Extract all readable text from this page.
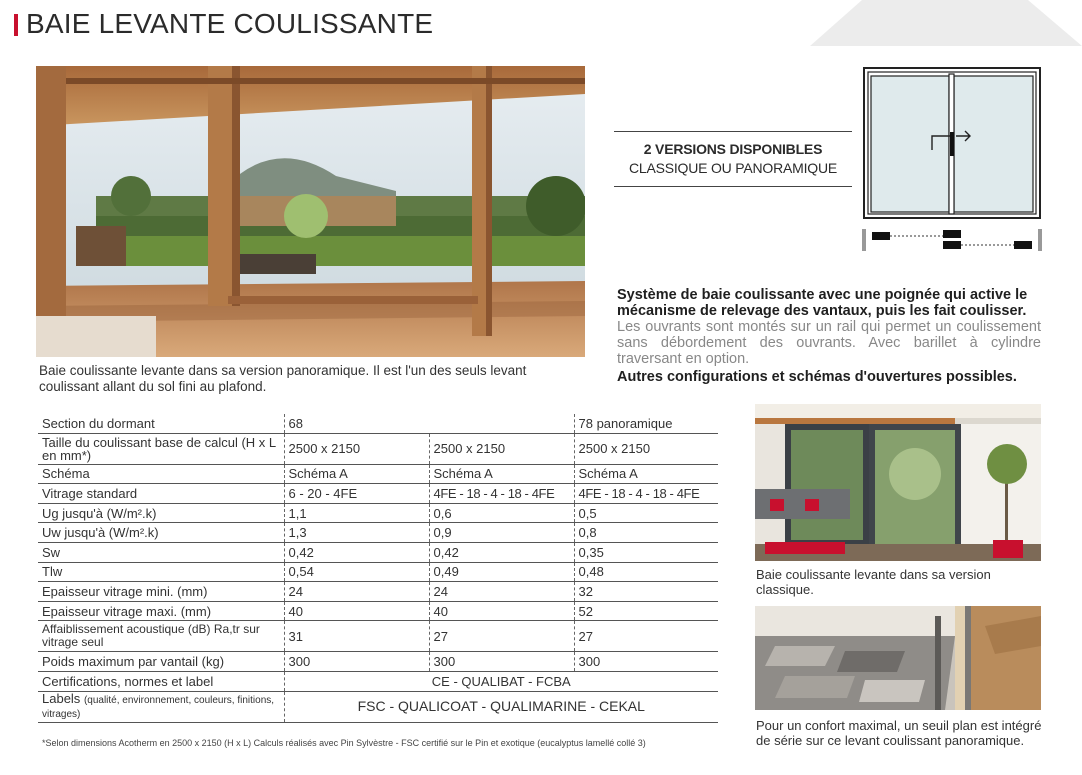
BAIE LEVANTE COULISSANTE
Baie coulissante levante dans sa version panoramique. Il est l'un des seuls levant coulissant allant du sol fini au plafond.
2 VERSIONS DISPONIBLES
CLASSIQUE OU PANORAMIQUE
Système de baie coulissante avec une poignée qui active le mécanisme de relevage des vantaux, puis les fait coulisser.
Les ouvrants sont montés sur un rail qui permet un coulissement sans débordement des ouvrants. Avec barillet à cylindre traversant en option.
Autres configurations et schémas d'ouvertures possibles.
Section du dormant	68		78 panoramique
Taille du coulissant base de calcul (H x L en mm*)	2500 x 2150	2500 x 2150	2500 x 2150
Schéma	Schéma A	Schéma A	Schéma A
Vitrage standard	6 - 20 - 4FE	4FE - 18 - 4 - 18 - 4FE	4FE - 18 - 4 - 18 - 4FE
Ug jusqu'à (W/m².k)	1,1	0,6	0,5
Uw jusqu'à (W/m².k)	1,3	0,9	0,8
Sw	0,42	0,42	0,35
Tlw	0,54	0,49	0,48
Epaisseur vitrage mini. (mm)	24	24	32
Epaisseur vitrage maxi. (mm)	40	40	52
Affaiblissement acoustique (dB) Ra,tr sur vitrage seul	31	27	27
Poids maximum par vantail (kg)	300	300	300
Certifications, normes et label	CE - QUALIBAT - FCBA		
Labels (qualité, environnement, couleurs, finitions, vitrages)	FSC - QUALICOAT - QUALIMARINE - CEKAL		
*Selon dimensions Acotherm en 2500 x 2150 (H x L) Calculs réalisés avec Pin Sylvèstre - FSC certifié sur le Pin et exotique (eucalyptus lamellé collé 3)
Baie coulissante levante dans sa version classique.
Pour un confort maximal, un seuil plan est intégré de série sur ce levant coulissant panoramique.
